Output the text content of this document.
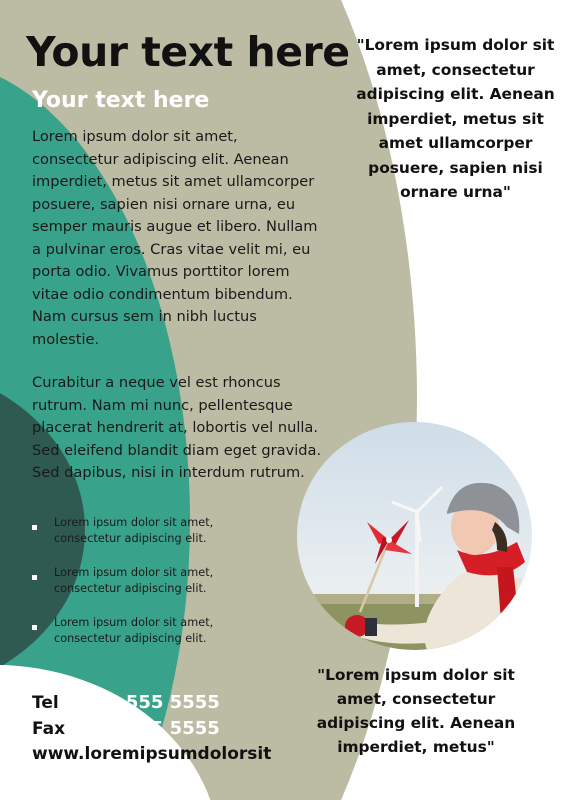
Your text here
Your text here

Lorem ipsum dolor sit amet, consectetur adipiscing elit. Aenean imperdiet, metus sit amet ullamcorper posuere, sapien nisi ornare urna, eu semper mauris augue et libero. Nullam a pulvinar eros. Cras vitae velit mi, eu porta odio. Vivamus porttitor lorem vitae odio condimentum bibendum. Nam cursus sem in nibh luctus molestie.

Curabitur a neque vel est rhoncus rutrum. Nam mi nunc, pellentesque placerat hendrerit at, lobortis vel nulla. Sed eleifend blandit diam eget gravida. Sed dapibus, nisi in interdum rutrum.

Lorem ipsum dolor sit amet, consectetur adipiscing elit.
Lorem ipsum dolor sit amet, consectetur adipiscing elit.
Lorem ipsum dolor sit amet, consectetur adipiscing elit.
Tel 555 555 5555
Fax 555 555 5555
www.loremipsumdolorsit

"Lorem ipsum dolor sit amet, consectetur adipiscing elit. Aenean imperdiet, metus sit amet ullamcorper posuere, sapien nisi ornare urna"

"Lorem ipsum dolor sit amet, consectetur adipiscing elit. Aenean imperdiet, metus"
